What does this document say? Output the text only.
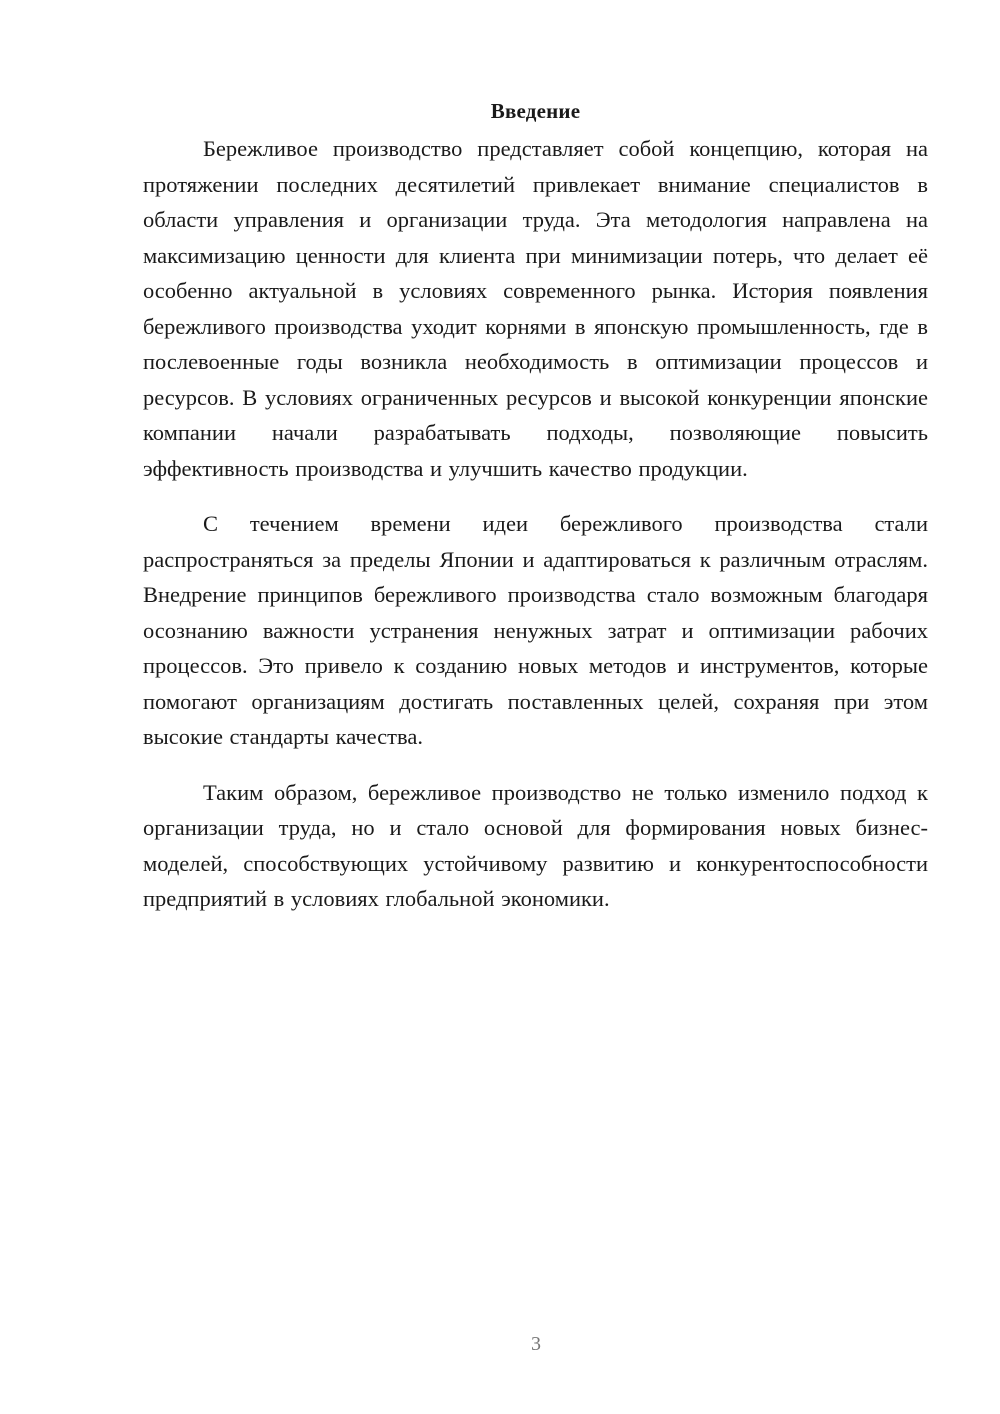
Введение

Бережливое производство представляет собой концепцию, которая на протяжении последних десятилетий привлекает внимание специалистов в области управления и организации труда. Эта методология направлена на максимизацию ценности для клиента при минимизации потерь, что делает её особенно актуальной в условиях современного рынка. История появления бережливого производства уходит корнями в японскую промышленность, где в послевоенные годы возникла необходимость в оптимизации процессов и ресурсов. В условиях ограниченных ресурсов и высокой конкуренции японские компании начали разрабатывать подходы, позволяющие повысить эффективность производства и улучшить качество продукции.

С течением времени идеи бережливого производства стали распространяться за пределы Японии и адаптироваться к различным отраслям. Внедрение принципов бережливого производства стало возможным благодаря осознанию важности устранения ненужных затрат и оптимизации рабочих процессов. Это привело к созданию новых методов и инструментов, которые помогают организациям достигать поставленных целей, сохраняя при этом высокие стандарты качества.

Таким образом, бережливое производство не только изменило подход к организации труда, но и стало основой для формирования новых бизнес-моделей, способствующих устойчивому развитию и конкурентоспособности предприятий в условиях глобальной экономики.

3
